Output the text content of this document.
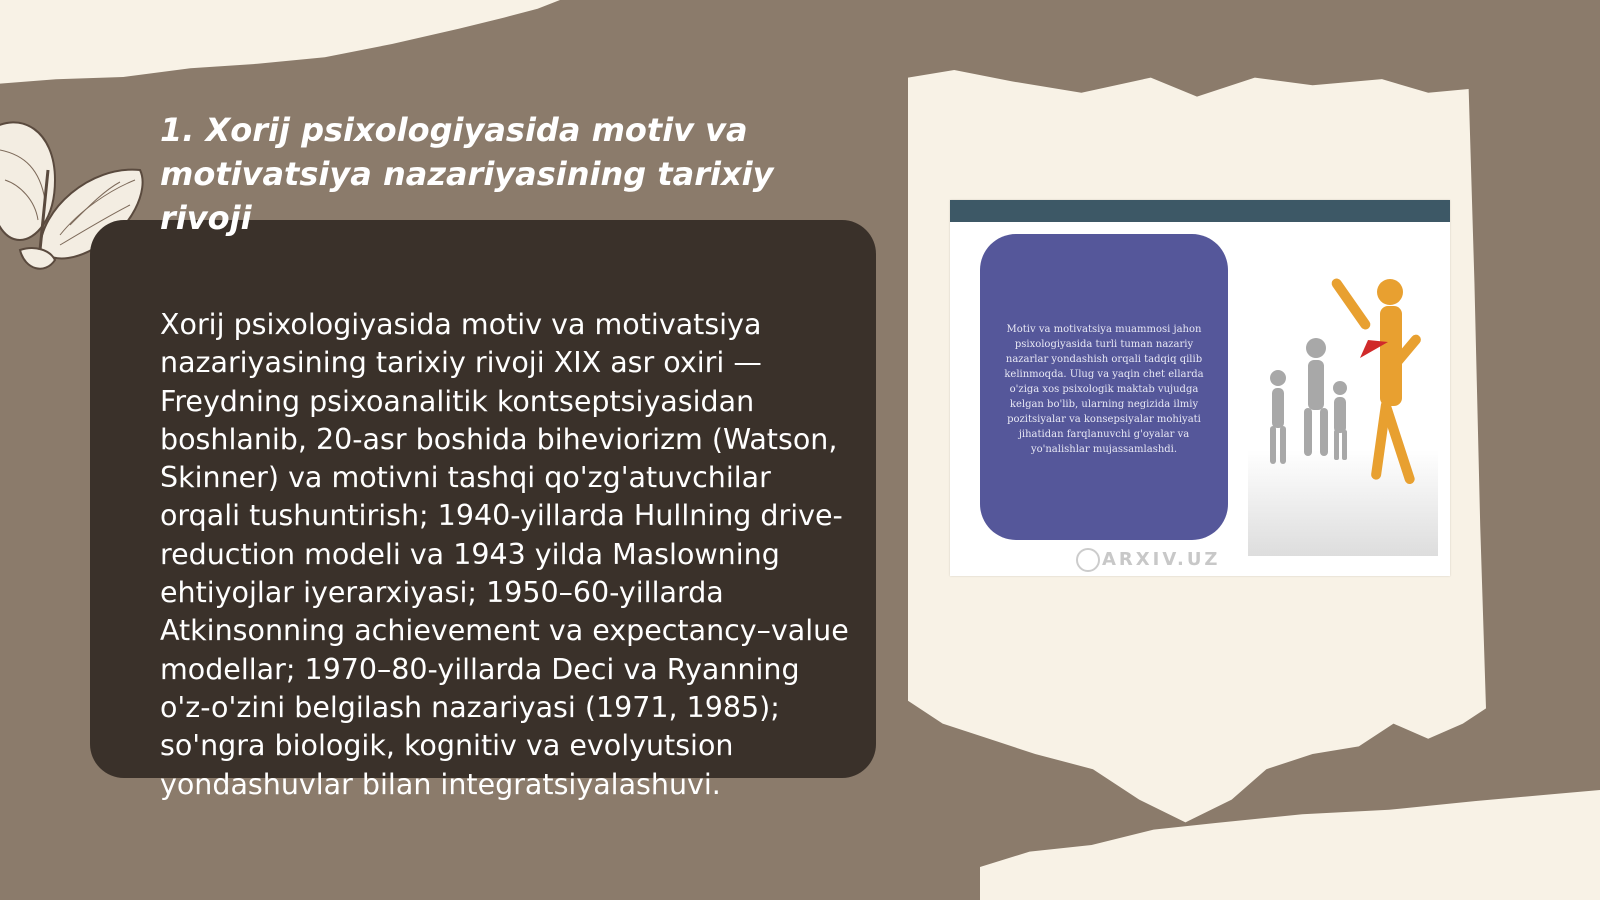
1. Xorij psixologiyasida motiv va motivatsiya nazariyasining tarixiy rivoji

Xorij psixologiyasida motiv va motivatsiya nazariyasining tarixiy rivoji XIX asr oxiri — Freydning psixoanalitik kontseptsiyasidan boshlanib, 20-asr boshida biheviorizm (Watson, Skinner) va motivni tashqi qo'zg'atuvchilar orqali tushuntirish; 1940-yillarda Hullning drive-reduction modeli va 1943 yilda Maslowning ehtiyojlar iyerarxiyasi; 1950–60-yillarda Atkinsonning achievement va expectancy–value modellar; 1970–80-yillarda Deci va Ryanning o'z-o'zini belgilash nazariyasi (1971, 1985); so'ngra biologik, kognitiv va evolyutsion yondashuvlar bilan integratsiyalashuvi.

Motiv va motivatsiya muammosi jahon psixologiyasida turli tuman nazariy nazarlar yondashish orqali tadqiq qilib kelinmoqda. Ulug va yaqin chet ellarda o'ziga xos psixologik maktab vujudga kelgan bo'lib, ularning negizida ilmiy pozitsiyalar va konsepsiyalar mohiyati jihatidan farqlanuvchi g'oyalar va yo'nalishlar mujassamlashdi.

ARXIV.UZ
